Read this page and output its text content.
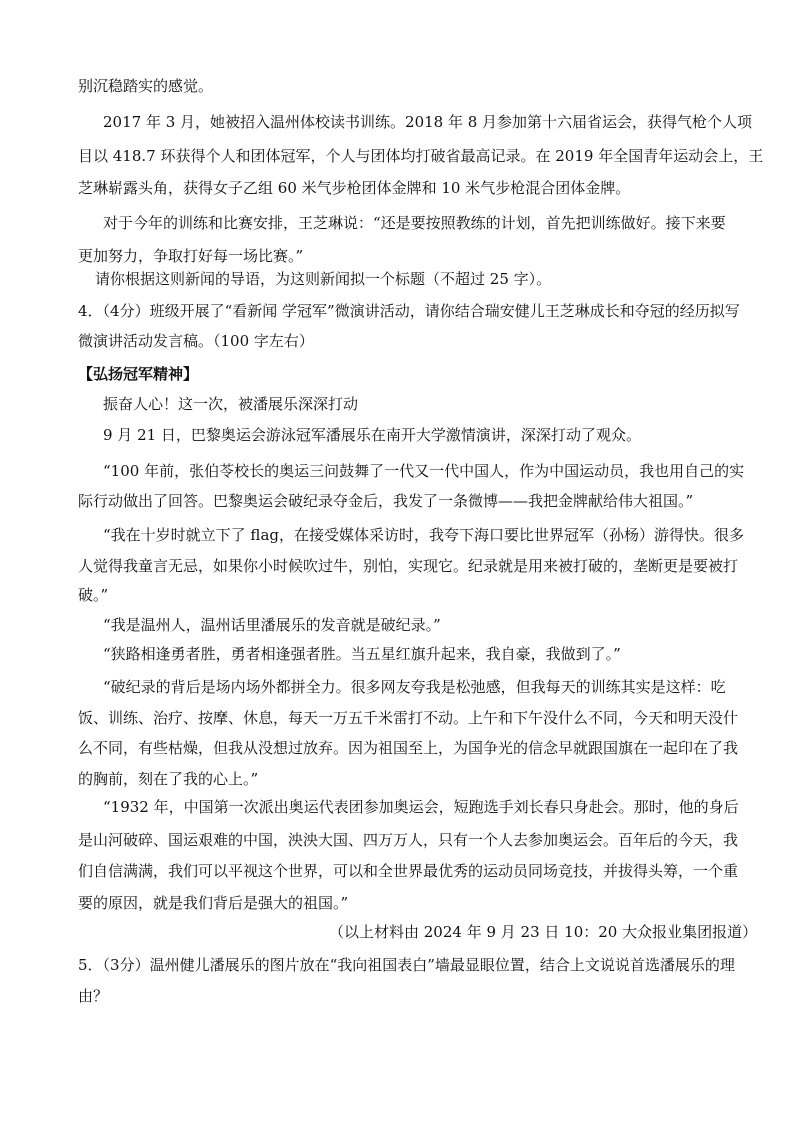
别沉稳踏实的感觉。
2017 年 3 月，她被招入温州体校读书训练。2018 年 8 月参加第十六届省运会，获得气枪个人项
目以 418.7 环获得个人和团体冠军，个人与团体均打破省最高记录。在 2019 年全国青年运动会上，王
芝琳崭露头角，获得女子乙组 60 米气步枪团体金牌和 10 米气步枪混合团体金牌。
对于今年的训练和比赛安排，王芝琳说：“还是要按照教练的计划，首先把训练做好。接下来要
更加努力，争取打好每一场比赛。”
请你根据这则新闻的导语，为这则新闻拟一个标题（不超过 25 字）。
4．（4分）班级开展了“看新闻 学冠军”微演讲活动，请你结合瑞安健儿王芝琳成长和夺冠的经历拟写
微演讲活动发言稿。（100 字左右）
【弘扬冠军精神】
振奋人心！这一次，被潘展乐深深打动
9 月 21 日，巴黎奥运会游泳冠军潘展乐在南开大学激情演讲，深深打动了观众。
“100 年前，张伯苓校长的奥运三问鼓舞了一代又一代中国人，作为中国运动员，我也用自己的实
际行动做出了回答。巴黎奥运会破纪录夺金后，我发了一条微博——我把金牌献给伟大祖国。”
“我在十岁时就立下了 flag，在接受媒体采访时，我夸下海口要比世界冠军（孙杨）游得快。很多
人觉得我童言无忌，如果你小时候吹过牛，别怕，实现它。纪录就是用来被打破的，垄断更是要被打
破。”
“我是温州人，温州话里潘展乐的发音就是破纪录。”
“狭路相逢勇者胜，勇者相逢强者胜。当五星红旗升起来，我自豪，我做到了。”
“破纪录的背后是场内场外都拼全力。很多网友夸我是松弛感，但我每天的训练其实是这样：吃
饭、训练、治疗、按摩、休息，每天一万五千米雷打不动。上午和下午没什么不同，今天和明天没什
么不同，有些枯燥，但我从没想过放弃。因为祖国至上，为国争光的信念早就跟国旗在一起印在了我
的胸前，刻在了我的心上。”
“1932 年，中国第一次派出奥运代表团参加奥运会，短跑选手刘长春只身赴会。那时，他的身后
是山河破碎、国运艰难的中国，泱泱大国、四万万人，只有一个人去参加奥运会。百年后的今天，我
们自信满满，我们可以平视这个世界，可以和全世界最优秀的运动员同场竞技，并拔得头筹，一个重
要的原因，就是我们背后是强大的祖国。”
（以上材料由 2024 年 9 月 23 日 10：20 大众报业集团报道）
5．（3分）温州健儿潘展乐的图片放在“我向祖国表白”墙最显眼位置，结合上文说说首选潘展乐的理
由？
